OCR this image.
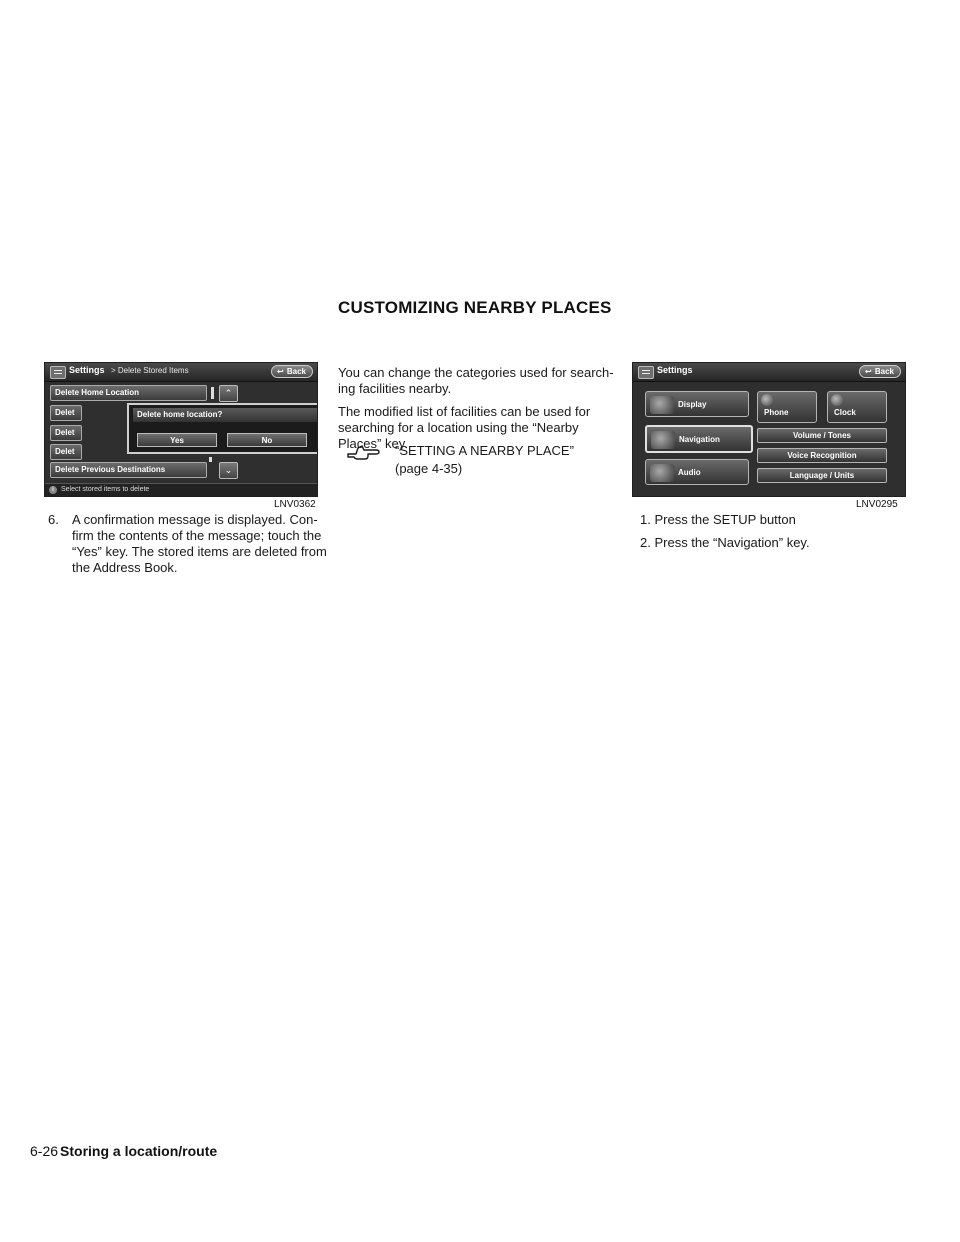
CUSTOMIZING NEARBY PLACES
Settings > Delete Stored Items	↩ Back
Delete Home Location
Delet
Delet
Delet
Delete Previous Destinations
⌃
⌄
Delete home location?
Yes	No
i	Select stored items to delete
LNV0362
6. A confirmation message is displayed. Con-
firm the contents of the message; touch the
“Yes” key. The stored items are deleted from
the Address Book.
You can change the categories used for search-
ing facilities nearby.
The modified list of facilities can be used for
searching for a location using the “Nearby
Places” key.
“SETTING A NEARBY PLACE”
(page 4-35)
Settings	↩ Back
Display
Navigation
Audio
Phone	Clock
Volume / Tones
Voice Recognition
Language / Units
LNV0295
1. Press the SETUP button
2. Press the “Navigation” key.
6-26 Storing a location/route
